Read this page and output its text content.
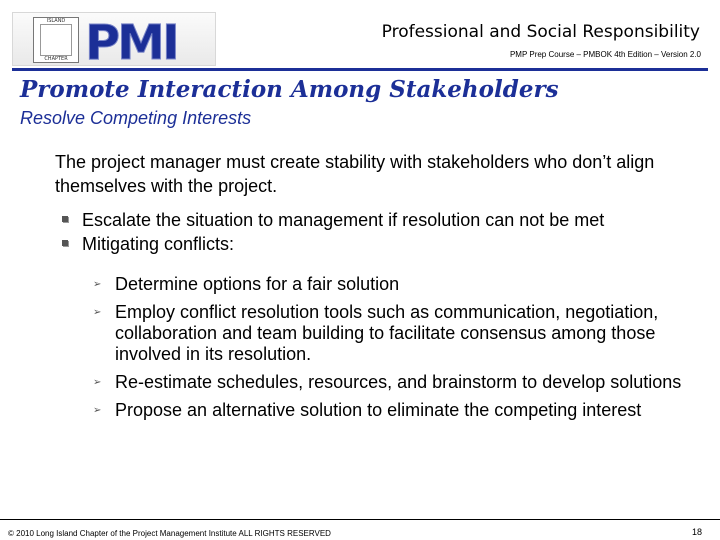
ISLAND
CHAPTER PMI	Professional and Social Responsibility
PMP Prep Course – PMBOK 4th Edition – Version 2.0
Promote Interaction Among Stakeholders
Resolve Competing Interests

The project manager must create stability with stakeholders who don’t align themselves with the project.

Escalate the situation to management if resolution can not be met
Mitigating conflicts:
➢ Determine options for a fair solution
➢ Employ conflict resolution tools such as communication, negotiation, collaboration and team building to facilitate consensus among those involved in its resolution.
➢ Re-estimate schedules, resources, and brainstorm to develop solutions
➢ Propose an alternative solution to eliminate the competing interest
© 2010 Long Island Chapter of the Project Management Institute ALL RIGHTS RESERVED	18
